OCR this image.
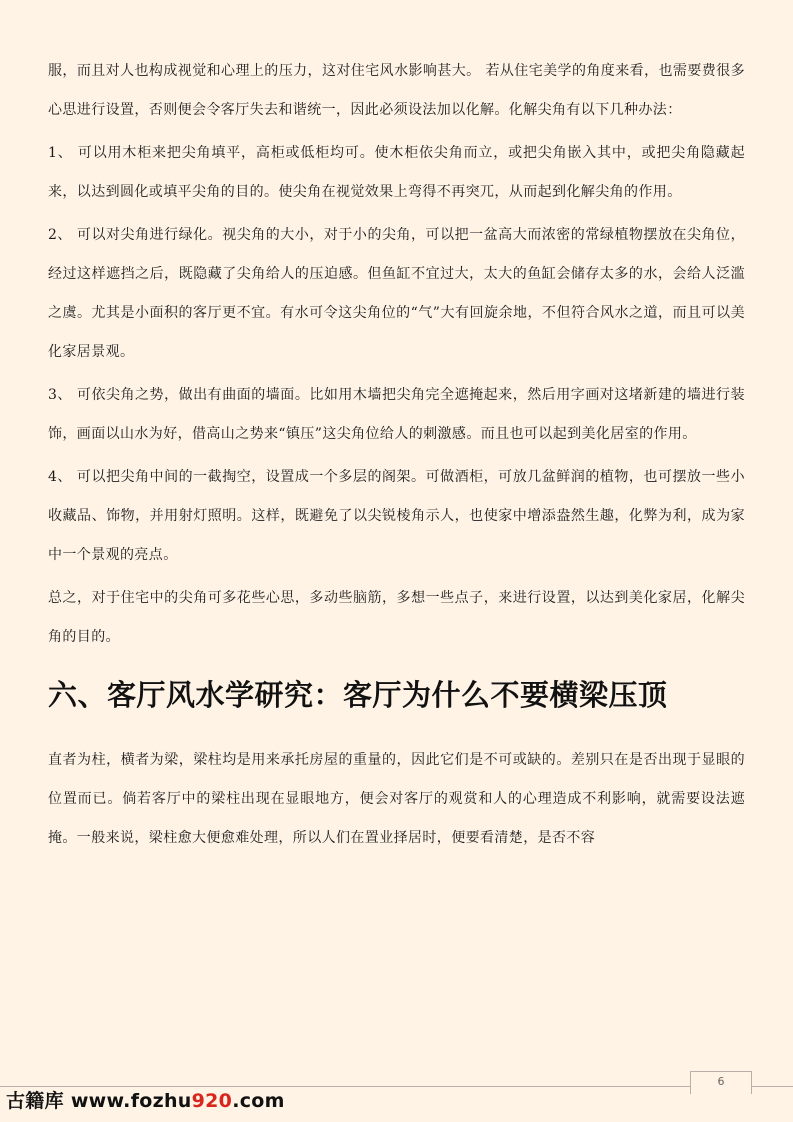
服，而且对人也构成视觉和心理上的压力，这对住宅风水影响甚大。 若从住宅美学的角度来看，也需要费很多心思进行设置，否则便会令客厅失去和谐统一，因此必须设法加以化解。化解尖角有以下几种办法：

1、 可以用木柜来把尖角填平，高柜或低柜均可。使木柜依尖角而立，或把尖角嵌入其中，或把尖角隐藏起来，以达到圆化或填平尖角的目的。使尖角在视觉效果上弯得不再突兀，从而起到化解尖角的作用。

2、 可以对尖角进行绿化。视尖角的大小，对于小的尖角，可以把一盆高大而浓密的常绿植物摆放在尖角位，经过这样遮挡之后，既隐藏了尖角给人的压迫感。但鱼缸不宜过大，太大的鱼缸会储存太多的水，会给人泛滥之虞。尤其是小面积的客厅更不宜。有水可令这尖角位的“气”大有回旋余地，不但符合风水之道，而且可以美化家居景观。

3、 可依尖角之势，做出有曲面的墙面。比如用木墙把尖角完全遮掩起来，然后用字画对这堵新建的墙进行装饰，画面以山水为好，借高山之势来“镇压”这尖角位给人的刺激感。而且也可以起到美化居室的作用。

4、 可以把尖角中间的一截掏空，设置成一个多层的阁架。可做酒柜，可放几盆鲜润的植物，也可摆放一些小收藏品、饰物，并用射灯照明。这样，既避免了以尖锐棱角示人，也使家中增添盎然生趣，化弊为利，成为家中一个景观的亮点。

总之，对于住宅中的尖角可多花些心思，多动些脑筋，多想一些点子，来进行设置，以达到美化家居，化解尖角的目的。

六、客厅风水学研究：客厅为什么不要横梁压顶

直者为柱，横者为梁，梁柱均是用来承托房屋的重量的，因此它们是不可或缺的。差别只在是否出现于显眼的位置而已。倘若客厅中的梁柱出现在显眼地方，便会对客厅的观赏和人的心理造成不利影响，就需要设法遮掩。一般来说，梁柱愈大便愈难处理，所以人们在置业择居时，便要看清楚，是否不容

6
古籍库 www.fozhu920.com
